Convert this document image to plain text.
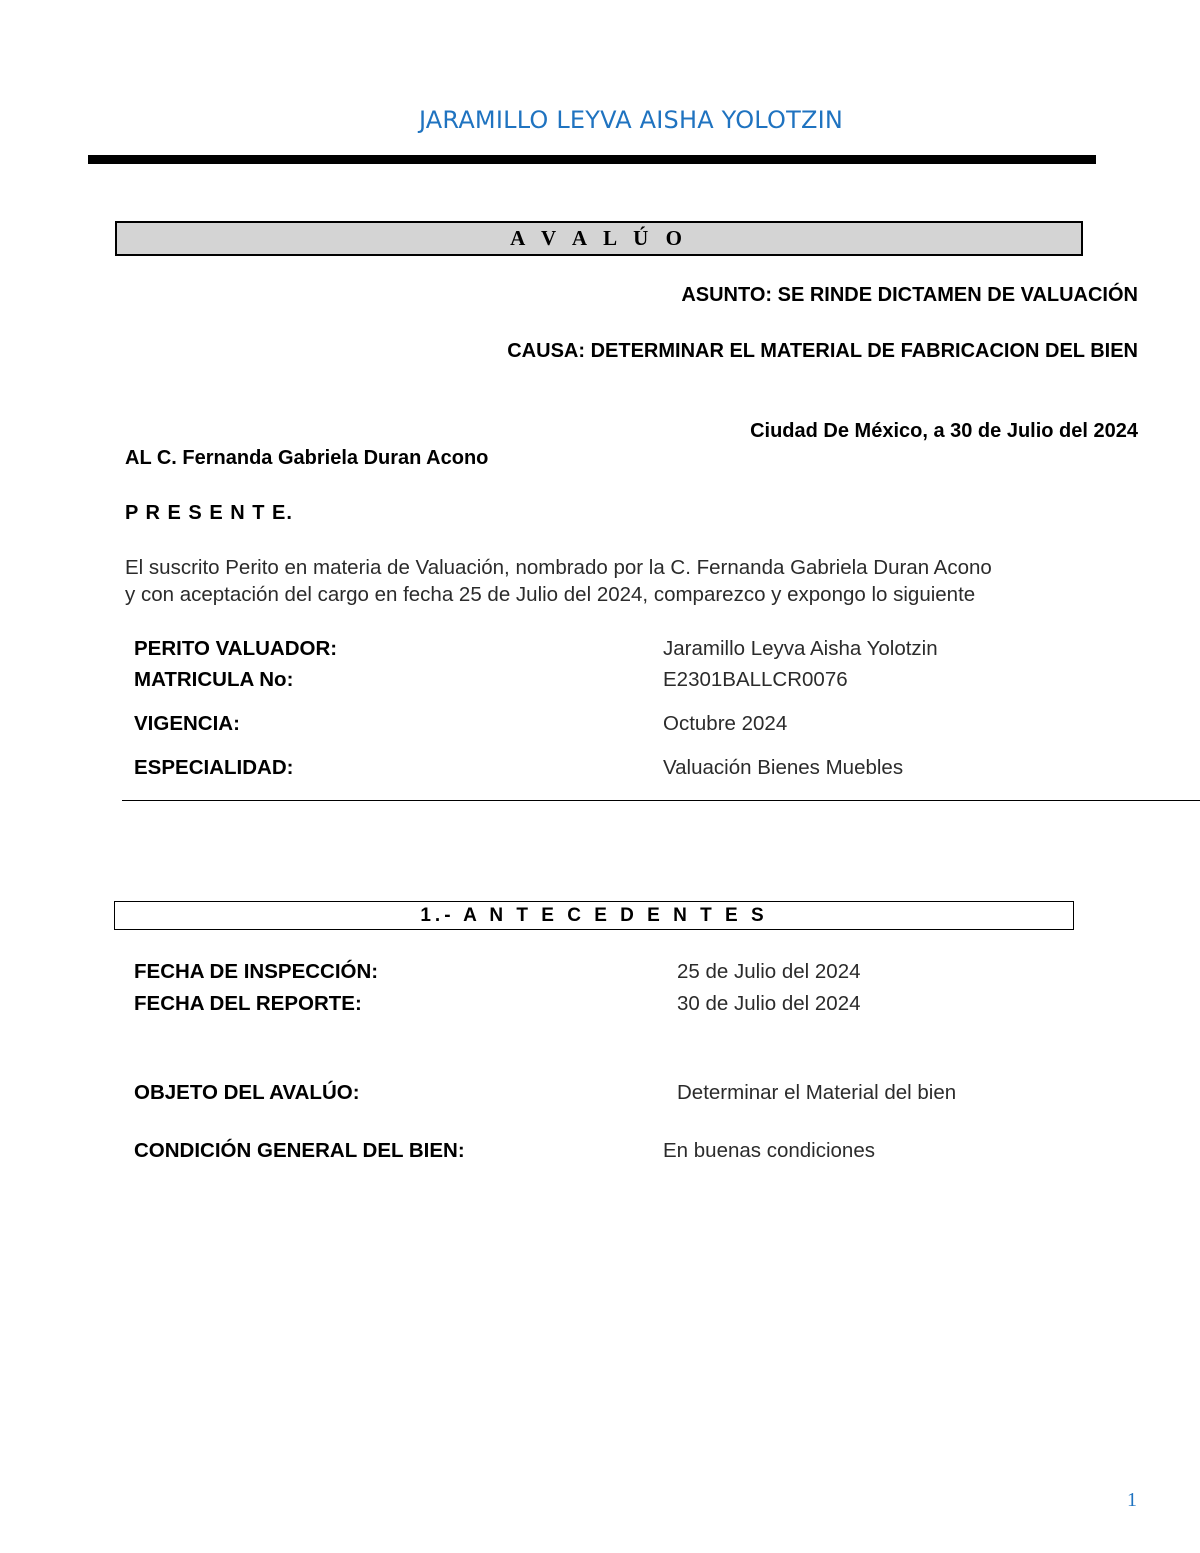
JARAMILLO LEYVA AISHA YOLOTZIN
A V A L Ú O
ASUNTO: SE RINDE DICTAMEN DE VALUACIÓN
CAUSA: DETERMINAR EL MATERIAL DE FABRICACION DEL BIEN
Ciudad De México, a 30 de Julio del 2024
AL C. Fernanda Gabriela Duran Acono
P R E S E N T E.
El suscrito Perito en materia de Valuación, nombrado por la C. Fernanda Gabriela Duran Acono
y con aceptación del cargo en fecha 25 de Julio del 2024, comparezco y expongo lo siguiente
PERITO VALUADOR:	Jaramillo Leyva Aisha Yolotzin
MATRICULA No:	E2301BALLCR0076
VIGENCIA:	Octubre 2024
ESPECIALIDAD:	Valuación Bienes Muebles
1.- A N T E C E D E N T E S
FECHA DE INSPECCIÓN:	25 de Julio del 2024
FECHA DEL REPORTE:	30 de Julio del 2024
OBJETO DEL AVALÚO:	Determinar el Material del bien
CONDICIÓN GENERAL DEL BIEN:	En buenas condiciones
1
